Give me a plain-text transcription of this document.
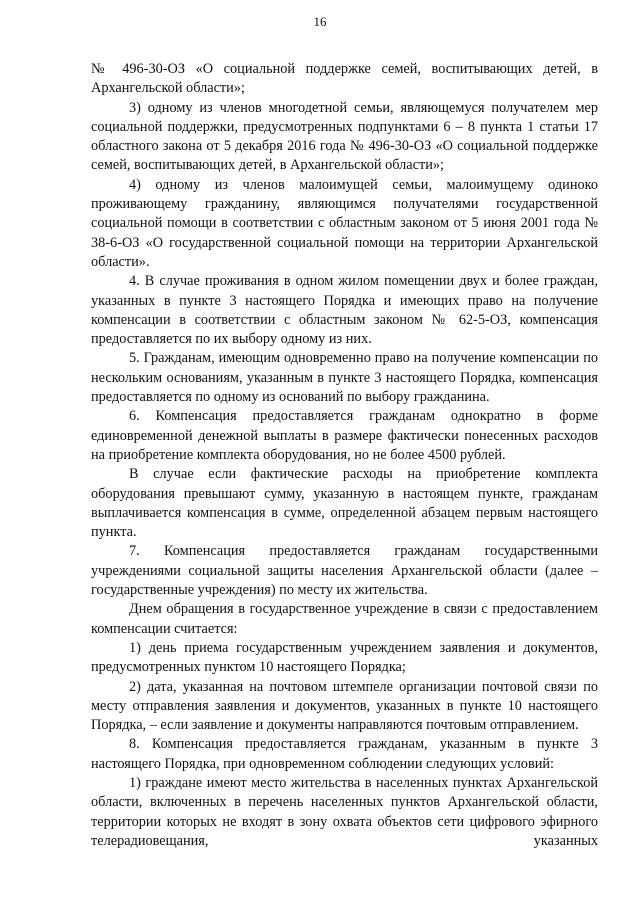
16

№ 496-30-ОЗ «О социальной поддержке семей, воспитывающих детей, в Архангельской области»;

3) одному из членов многодетной семьи, являющемуся получателем мер социальной поддержки, предусмотренных подпунктами 6 – 8 пункта 1 статьи 17 областного закона от 5 декабря 2016 года № 496-30-ОЗ «О социальной поддержке семей, воспитывающих детей, в Архангельской области»;

4) одному из членов малоимущей семьи, малоимущему одиноко проживающему гражданину, являющимся получателями государственной социальной помощи в соответствии с областным законом от 5 июня 2001 года № 38-6-ОЗ «О государственной социальной помощи на территории Архангельской области».

4. В случае проживания в одном жилом помещении двух и более граждан, указанных в пункте 3 настоящего Порядка и имеющих право на получение компенсации в соответствии с областным законом № 62-5-ОЗ, компенсация предоставляется по их выбору одному из них.

5. Гражданам, имеющим одновременно право на получение компенсации по нескольким основаниям, указанным в пункте 3 настоящего Порядка, компенсация предоставляется по одному из оснований по выбору гражданина.

6. Компенсация предоставляется гражданам однократно в форме единовременной денежной выплаты в размере фактически понесенных расходов на приобретение комплекта оборудования, но не более 4500 рублей.

В случае если фактические расходы на приобретение комплекта оборудования превышают сумму, указанную в настоящем пункте, гражданам выплачивается компенсация в сумме, определенной абзацем первым настоящего пункта.

7. Компенсация предоставляется гражданам государственными учреждениями социальной защиты населения Архангельской области (далее – государственные учреждения) по месту их жительства.

Днем обращения в государственное учреждение в связи с предоставлением компенсации считается:

1) день приема государственным учреждением заявления и документов, предусмотренных пунктом 10 настоящего Порядка;

2) дата, указанная на почтовом штемпеле организации почтовой связи по месту отправления заявления и документов, указанных в пункте 10 настоящего Порядка, – если заявление и документы направляются почтовым отправлением.

8. Компенсация предоставляется гражданам, указанным в пункте 3 настоящего Порядка, при одновременном соблюдении следующих условий:

1) граждане имеют место жительства в населенных пунктах Архангельской области, включенных в перечень населенных пунктов Архангельской области, территории которых не входят в зону охвата объектов сети цифрового эфирного телерадиовещания, указанных
